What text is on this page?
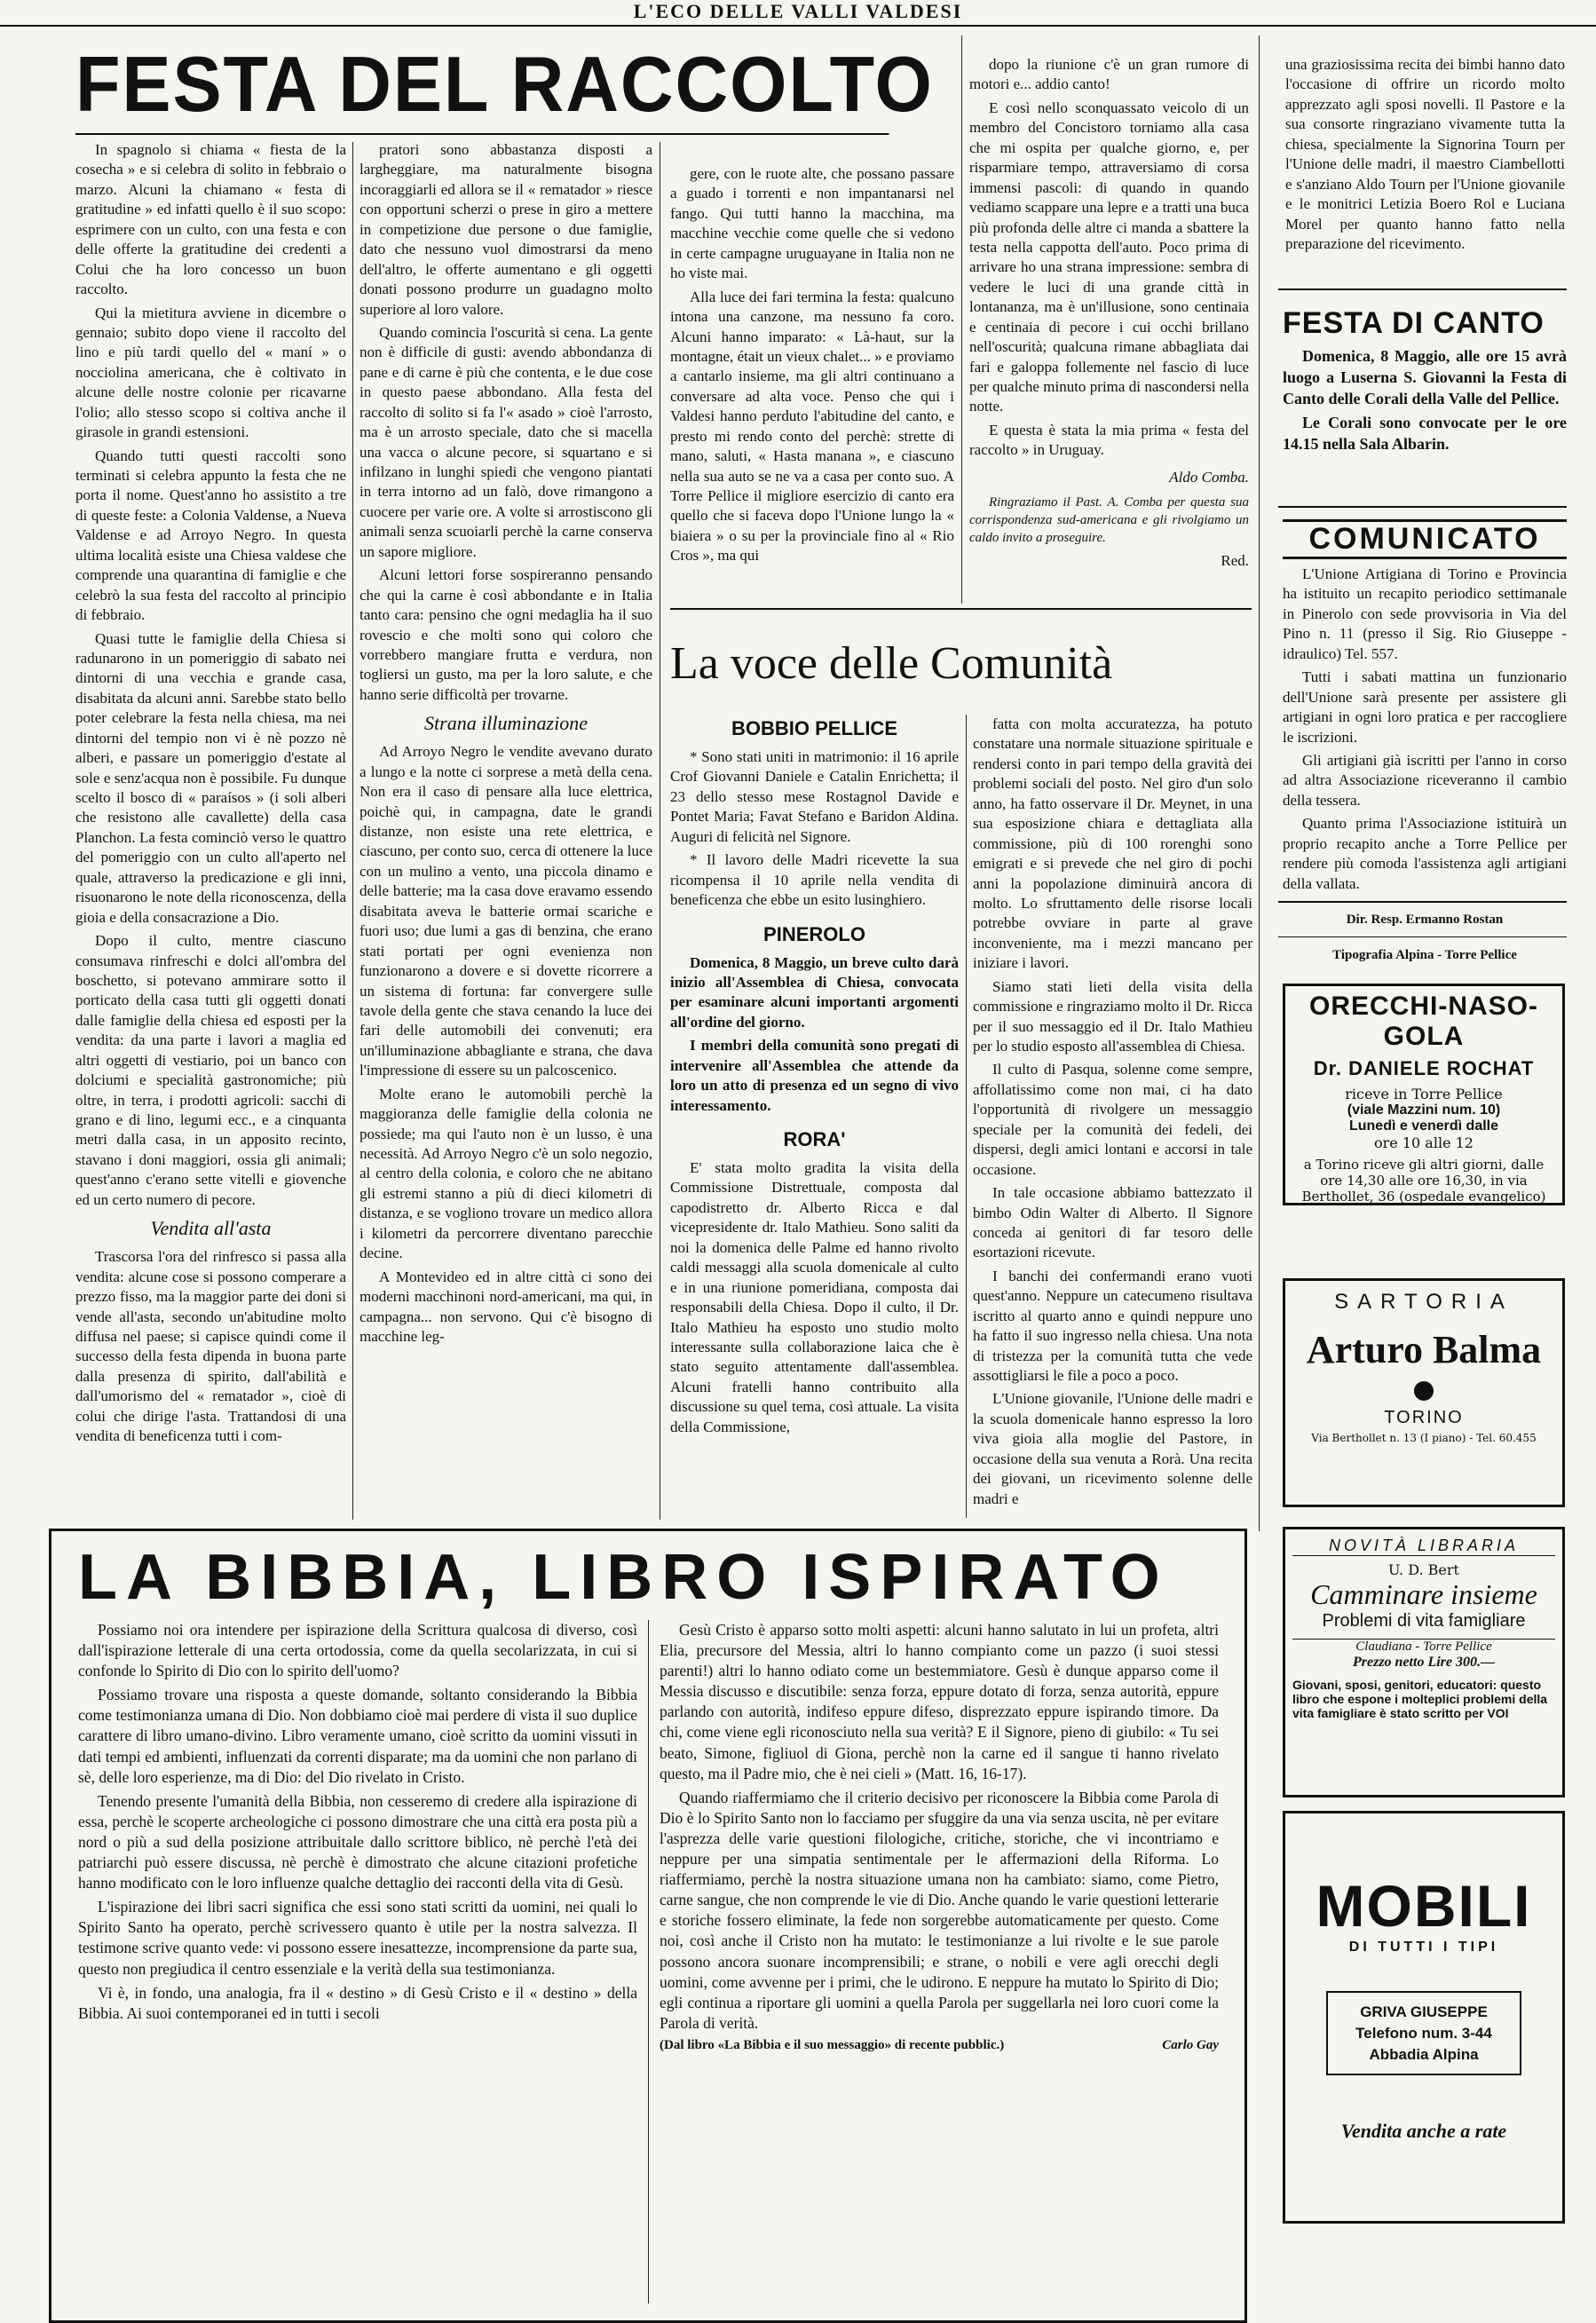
L'ECO DELLE VALLI VALDESI
FESTA DEL RACCOLTO

In spagnolo si chiama « fiesta de la cosecha » e si celebra di solito in febbraio o marzo. Alcuni la chiamano « festa di gratitudine » ed infatti quello è il suo scopo: esprimere con un culto, con una festa e con delle offerte la gratitudine dei credenti a Colui che ha loro concesso un buon raccolto.

Qui la mietitura avviene in dicembre o gennaio; subito dopo viene il raccolto del lino e più tardi quello del « maní » o nocciolina americana, che è coltivato in alcune delle nostre colonie per ricavarne l'olio; allo stesso scopo si coltiva anche il girasole in grandi estensioni.

Quando tutti questi raccolti sono terminati si celebra appunto la festa che ne porta il nome. Quest'anno ho assistito a tre di queste feste: a Colonia Valdense, a Nueva Valdense e ad Arroyo Negro. In questa ultima località esiste una Chiesa valdese che comprende una quarantina di famiglie e che celebrò la sua festa del raccolto al principio di febbraio.

Quasi tutte le famiglie della Chiesa si radunarono in un pomeriggio di sabato nei dintorni di una vecchia e grande casa, disabitata da alcuni anni. Sarebbe stato bello poter celebrare la festa nella chiesa, ma nei dintorni del tempio non vi è nè pozzo nè alberi, e passare un pomeriggio d'estate al sole e senz'acqua non è possibile. Fu dunque scelto il bosco di « paraísos » (i soli alberi che resistono alle cavallette) della casa Planchon. La festa cominciò verso le quattro del pomeriggio con un culto all'aperto nel quale, attraverso la predicazione e gli inni, risuonarono le note della riconoscenza, della gioia e della consacrazione a Dio.

Dopo il culto, mentre ciascuno consumava rinfreschi e dolci all'ombra del boschetto, si potevano ammirare sotto il porticato della casa tutti gli oggetti donati dalle famiglie della chiesa ed esposti per la vendita: da una parte i lavori a maglia ed altri oggetti di vestiario, poi un banco con dolciumi e specialità gastronomiche; più oltre, in terra, i prodotti agricoli: sacchi di grano e di lino, legumi ecc., e a cinquanta metri dalla casa, in un apposito recinto, stavano i doni maggiori, ossia gli animali; quest'anno c'erano sette vitelli e giovenche ed un certo numero di pecore.

Vendita all'asta

Trascorsa l'ora del rinfresco si passa alla vendita: alcune cose si possono comperare a prezzo fisso, ma la maggior parte dei doni si vende all'asta, secondo un'abitudine molto diffusa nel paese; si capisce quindi come il successo della festa dipenda in buona parte dalla presenza di spirito, dall'abilità e dall'umorismo del « rematador », cioè di colui che dirige l'asta. Trattandosi di una vendita di beneficenza tutti i com-

pratori sono abbastanza disposti a largheggiare, ma naturalmente bisogna incoraggiarli ed allora se il « rematador » riesce con opportuni scherzi o prese in giro a mettere in competizione due persone o due famiglie, dato che nessuno vuol dimostrarsi da meno dell'altro, le offerte aumentano e gli oggetti donati possono produrre un guadagno molto superiore al loro valore.

Quando comincia l'oscurità si cena. La gente non è difficile di gusti: avendo abbondanza di pane e di carne è più che contenta, e le due cose in questo paese abbondano. Alla festa del raccolto di solito si fa l'« asado » cioè l'arrosto, ma è un arrosto speciale, dato che si macella una vacca o alcune pecore, si squartano e si infilzano in lunghi spiedi che vengono piantati in terra intorno ad un falò, dove rimangono a cuocere per varie ore. A volte si arrostiscono gli animali senza scuoiarli perchè la carne conserva un sapore migliore.

Alcuni lettori forse sospireranno pensando che qui la carne è così abbondante e in Italia tanto cara: pensino che ogni medaglia ha il suo rovescio e che molti sono qui coloro che vorrebbero mangiare frutta e verdura, non togliersi un gusto, ma per la loro salute, e che hanno serie difficoltà per trovarne.

Strana illuminazione

Ad Arroyo Negro le vendite avevano durato a lungo e la notte ci sorprese a metà della cena. Non era il caso di pensare alla luce elettrica, poichè qui, in campagna, date le grandi distanze, non esiste una rete elettrica, e ciascuno, per conto suo, cerca di ottenere la luce con un mulino a vento, una piccola dinamo e delle batterie; ma la casa dove eravamo essendo disabitata aveva le batterie ormai scariche e fuori uso; due lumi a gas di benzina, che erano stati portati per ogni evenienza non funzionarono a dovere e si dovette ricorrere a un sistema di fortuna: far convergere sulle tavole della gente che stava cenando la luce dei fari delle automobili dei convenuti; era un'illuminazione abbagliante e strana, che dava l'impressione di essere su un palcoscenico.

Molte erano le automobili perchè la maggioranza delle famiglie della colonia ne possiede; ma qui l'auto non è un lusso, è una necessità. Ad Arroyo Negro c'è un solo negozio, al centro della colonia, e coloro che ne abitano gli estremi stanno a più di dieci kilometri di distanza, e se vogliono trovare un medico allora i kilometri da percorrere diventano parecchie decine.

A Montevideo ed in altre città ci sono dei moderni macchinoni nord-americani, ma qui, in campagna... non servono. Qui c'è bisogno di macchine leg-

gere, con le ruote alte, che possano passare a guado i torrenti e non impantanarsi nel fango. Qui tutti hanno la macchina, ma macchine vecchie come quelle che si vedono in certe campagne uruguayane in Italia non ne ho viste mai.

Alla luce dei fari termina la festa: qualcuno intona una canzone, ma nessuno fa coro. Alcuni hanno imparato: « Là-haut, sur la montagne, était un vieux chalet... » e proviamo a cantarlo insieme, ma gli altri continuano a conversare ad alta voce. Penso che qui i Valdesi hanno perduto l'abitudine del canto, e presto mi rendo conto del perchè: strette di mano, saluti, « Hasta manana », e ciascuno nella sua auto se ne va a casa per conto suo. A Torre Pellice il migliore esercizio di canto era quello che si faceva dopo l'Unione lungo la « biaiera » o su per la provinciale fino al « Rio Cros », ma qui

dopo la riunione c'è un gran rumore di motori e... addio canto!

E così nello sconquassato veicolo di un membro del Concistoro torniamo alla casa che mi ospita per qualche giorno, e, per risparmiare tempo, attraversiamo di corsa immensi pascoli: di quando in quando vediamo scappare una lepre e a tratti una buca più profonda delle altre ci manda a sbattere la testa nella cappotta dell'auto. Poco prima di arrivare ho una strana impressione: sembra di vedere le luci di una grande città in lontananza, ma è un'illusione, sono centinaia e centinaia di pecore i cui occhi brillano nell'oscurità; qualcuna rimane abbagliata dai fari e galoppa follemente nel fascio di luce per qualche minuto prima di nascondersi nella notte.

E questa è stata la mia prima « festa del raccolto » in Uruguay.

Aldo Comba.

Ringraziamo il Past. A. Comba per questa sua corrispondenza sud-americana e gli rivolgiamo un caldo invito a proseguire.

Red.
La voce delle Comunità
BOBBIO PELLICE

* Sono stati uniti in matrimonio: il 16 aprile Crof Giovanni Daniele e Catalin Enrichetta; il 23 dello stesso mese Rostagnol Davide e Pontet Maria; Favat Stefano e Baridon Aldina. Auguri di felicità nel Signore.

* Il lavoro delle Madri ricevette la sua ricompensa il 10 aprile nella vendita di beneficenza che ebbe un esito lusinghiero.

PINEROLO

Domenica, 8 Maggio, un breve culto darà inizio all'Assemblea di Chiesa, convocata per esaminare alcuni importanti argomenti all'ordine del giorno.

I membri della comunità sono pregati di intervenire all'Assemblea che attende da loro un atto di presenza ed un segno di vivo interessamento.

RORA'

E' stata molto gradita la visita della Commissione Distrettuale, composta dal capodistretto dr. Alberto Ricca e dal vicepresidente dr. Italo Mathieu. Sono saliti da noi la domenica delle Palme ed hanno rivolto caldi messaggi alla scuola domenicale al culto e in una riunione pomeridiana, composta dai responsabili della Chiesa. Dopo il culto, il Dr. Italo Mathieu ha esposto uno studio molto interessante sulla collaborazione laica che è stato seguito attentamente dall'assemblea. Alcuni fratelli hanno contribuito alla discussione su quel tema, così attuale. La visita della Commissione,

fatta con molta accuratezza, ha potuto constatare una normale situazione spirituale e rendersi conto in pari tempo della gravità dei problemi sociali del posto. Nel giro d'un solo anno, ha fatto osservare il Dr. Meynet, in una sua esposizione chiara e dettagliata alla commissione, più di 100 rorenghi sono emigrati e si prevede che nel giro di pochi anni la popolazione diminuirà ancora di molto. Lo sfruttamento delle risorse locali potrebbe ovviare in parte al grave inconveniente, ma i mezzi mancano per iniziare i lavori.

Siamo stati lieti della visita della commissione e ringraziamo molto il Dr. Ricca per il suo messaggio ed il Dr. Italo Mathieu per lo studio esposto all'assemblea di Chiesa.

Il culto di Pasqua, solenne come sempre, affollatissimo come non mai, ci ha dato l'opportunità di rivolgere un messaggio speciale per la comunità dei fedeli, dei dispersi, degli amici lontani e accorsi in tale occasione.

In tale occasione abbiamo battezzato il bimbo Odin Walter di Alberto. Il Signore conceda ai genitori di far tesoro delle esortazioni ricevute.

I banchi dei confermandi erano vuoti quest'anno. Neppure un catecumeno risultava iscritto al quarto anno e quindi neppure uno ha fatto il suo ingresso nella chiesa. Una nota di tristezza per la comunità tutta che vede assottigliarsi le file a poco a poco.

L'Unione giovanile, l'Unione delle madri e la scuola domenicale hanno espresso la loro viva gioia alla moglie del Pastore, in occasione della sua venuta a Rorà. Una recita dei giovani, un ricevimento solenne delle madri e

una graziosissima recita dei bimbi hanno dato l'occasione di offrire un ricordo molto apprezzato agli sposi novelli. Il Pastore e la sua consorte ringraziano vivamente tutta la chiesa, specialmente la Signorina Tourn per l'Unione delle madri, il maestro Ciambellotti e s'anziano Aldo Tourn per l'Unione giovanile e le monitrici Letizia Boero Rol e Luciana Morel per quanto hanno fatto nella preparazione del ricevimento.

FESTA DI CANTO

Domenica, 8 Maggio, alle ore 15 avrà luogo a Luserna S. Giovanni la Festa di Canto delle Corali della Valle del Pellice.

Le Corali sono convocate per le ore 14.15 nella Sala Albarin.

COMUNICATO

L'Unione Artigiana di Torino e Provincia ha istituito un recapito periodico settimanale in Pinerolo con sede provvisoria in Via del Pino n. 11 (presso il Sig. Rio Giuseppe - idraulico) Tel. 557.

Tutti i sabati mattina un funzionario dell'Unione sarà presente per assistere gli artigiani in ogni loro pratica e per raccogliere le iscrizioni.

Gli artigiani già iscritti per l'anno in corso ad altra Associazione riceveranno il cambio della tessera.

Quanto prima l'Associazione istituirà un proprio recapito anche a Torre Pellice per rendere più comoda l'assistenza agli artigiani della vallata.

Dir. Resp. Ermanno Rostan
Tipografia Alpina - Torre Pellice
ORECCHI-NASO-GOLA
Dr. DANIELE ROCHAT
riceve in Torre Pellice
(viale Mazzini num. 10)
Lunedì e venerdì dalle
ore 10 alle 12
a Torino riceve gli altri giorni, dalle ore 14,30 alle ore 16,30, in via Berthollet, 36 (ospedale evangelico)
SARTORIA
Arturo Balma
TORINO
Via Berthollet n. 13 (I piano) - Tel. 60.455
NOVITÀ LIBRARIA
U. D. Bert
Camminare insieme
Problemi di vita famigliare
Claudiana - Torre Pellice
Prezzo netto Lire 300.—
Giovani, sposi, genitori, educatori: questo libro che espone i molteplici problemi della vita famigliare è stato scritto per VOI
MOBILI
DI TUTTI I TIPI
GRIVA GIUSEPPE
Telefono num. 3-44
Abbadia Alpina
Vendita anche a rate
LA BIBBIA, LIBRO ISPIRATO

Possiamo noi ora intendere per ispirazione della Scrittura qualcosa di diverso, così dall'ispirazione letterale di una certa ortodossia, come da quella secolarizzata, in cui si confonde lo Spirito di Dio con lo spirito dell'uomo?

Possiamo trovare una risposta a queste domande, soltanto considerando la Bibbia come testimonianza umana di Dio. Non dobbiamo cioè mai perdere di vista il suo duplice carattere di libro umano-divino. Libro veramente umano, cioè scritto da uomini vissuti in dati tempi ed ambienti, influenzati da correnti disparate; ma da uomini che non parlano di sè, delle loro esperienze, ma di Dio: del Dio rivelato in Cristo.

Tenendo presente l'umanità della Bibbia, non cesseremo di credere alla ispirazione di essa, perchè le scoperte archeologiche ci possono dimostrare che una città era posta più a nord o più a sud della posizione attribuitale dallo scrittore biblico, nè perchè l'età dei patriarchi può essere discussa, nè perchè è dimostrato che alcune citazioni profetiche hanno modificato con le loro influenze qualche dettaglio dei racconti della vita di Gesù.

L'ispirazione dei libri sacri significa che essi sono stati scritti da uomini, nei quali lo Spirito Santo ha operato, perchè scrivessero quanto è utile per la nostra salvezza. Il testimone scrive quanto vede: vi possono essere inesattezze, incomprensione da parte sua, questo non pregiudica il centro essenziale e la verità della sua testimonianza.

Vi è, in fondo, una analogia, fra il « destino » di Gesù Cristo e il « destino » della Bibbia. Ai suoi contemporanei ed in tutti i secoli

Gesù Cristo è apparso sotto molti aspetti: alcuni hanno salutato in lui un profeta, altri Elia, precursore del Messia, altri lo hanno compianto come un pazzo (i suoi stessi parenti!) altri lo hanno odiato come un bestemmiatore. Gesù è dunque apparso come il Messia discusso e discutibile: senza forza, eppure dotato di forza, senza autorità, eppure parlando con autorità, indifeso eppure difeso, disprezzato eppure ispirando timore. Da chi, come viene egli riconosciuto nella sua verità? E il Signore, pieno di giubilo: « Tu sei beato, Simone, figliuol di Giona, perchè non la carne ed il sangue ti hanno rivelato questo, ma il Padre mio, che è nei cieli » (Matt. 16, 16-17).

Quando riaffermiamo che il criterio decisivo per riconoscere la Bibbia come Parola di Dio è lo Spirito Santo non lo facciamo per sfuggire da una via senza uscita, nè per evitare l'asprezza delle varie questioni filologiche, critiche, storiche, che vi incontriamo e neppure per una simpatia sentimentale per le affermazioni della Riforma. Lo riaffermiamo, perchè la nostra situazione umana non ha cambiato: siamo, come Pietro, carne sangue, che non comprende le vie di Dio. Anche quando le varie questioni letterarie e storiche fossero eliminate, la fede non sorgerebbe automaticamente per questo. Come noi, così anche il Cristo non ha mutato: le testimonianze a lui rivolte e le sue parole possono ancora suonare incomprensibili; e strane, o nobili e vere agli orecchi degli uomini, come avvenne per i primi, che le udirono. E neppure ha mutato lo Spirito di Dio; egli continua a riportare gli uomini a quella Parola per suggellarla nei loro cuori come la Parola di verità.

(Dal libro «La Bibbia e il suo messaggio» di recente pubblic.)	Carlo Gay
